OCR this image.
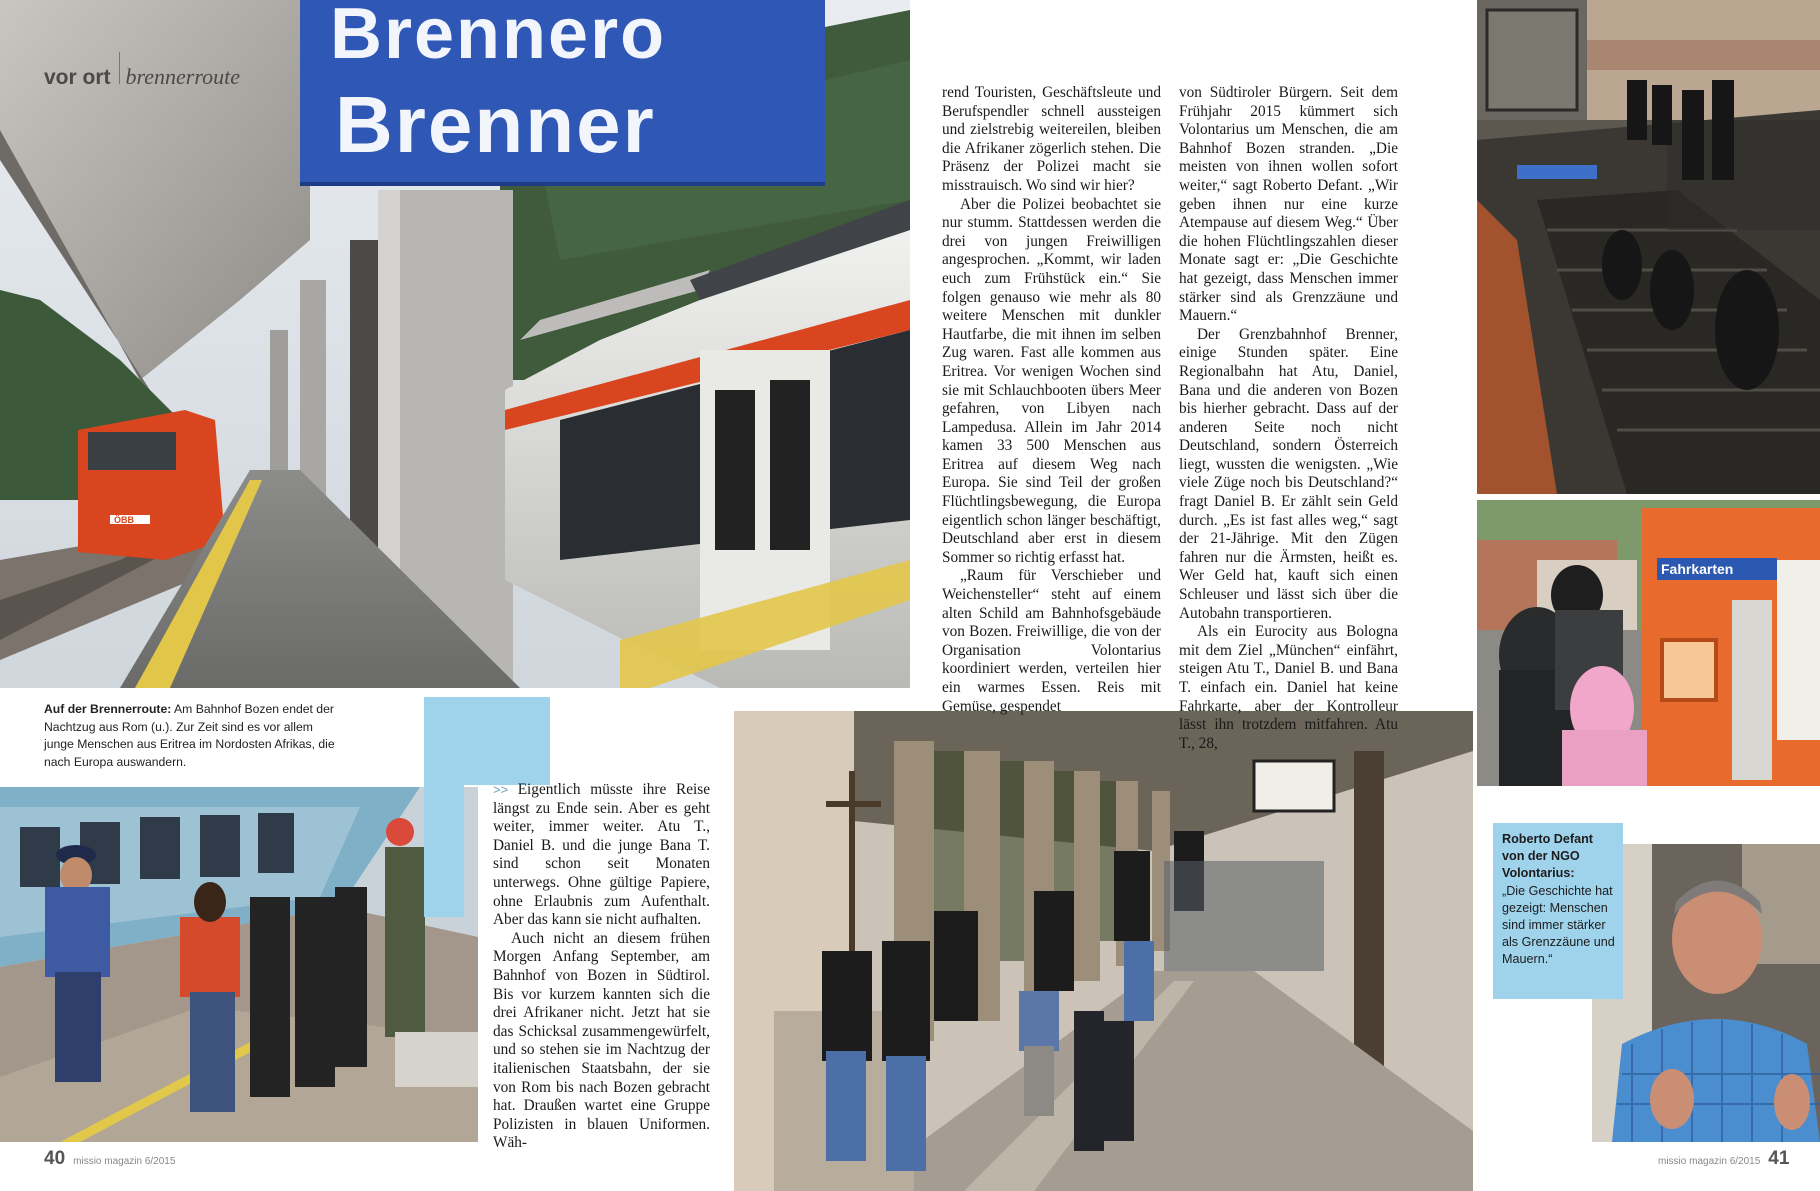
Brennero
Brenner
ÖBB
vor ort brennerroute
Fahrkarten
Auf der Brennerroute: Am Bahnhof Bozen endet der Nachtzug aus Rom (u.). Zur Zeit sind es vor allem junge Menschen aus Eritrea im Nordosten Afrikas, die nach Europa auswandern.

>> Eigentlich müsste ihre Reise längst zu Ende sein. Aber es geht weiter, immer weiter. Atu T., Daniel B. und die junge Bana T. sind schon seit Monaten unterwegs. Ohne gültige Papiere, ohne Erlaubnis zum Aufenthalt. Aber das kann sie nicht aufhalten.

Auch nicht an diesem frühen Morgen Anfang September, am Bahnhof von Bozen in Südtirol. Bis vor kurzem kannten sich die drei Afrikaner nicht. Jetzt hat sie das Schicksal zusammengewürfelt, und so stehen sie im Nachtzug der italienischen Staatsbahn, der sie von Rom bis nach Bozen gebracht hat. Draußen wartet eine Gruppe Polizisten in blauen Uniformen. Wäh-

rend Touristen, Geschäftsleute und Berufspendler schnell aussteigen und zielstrebig weitereilen, bleiben die Afrikaner zögerlich stehen. Die Präsenz der Polizei macht sie misstrauisch. Wo sind wir hier?

Aber die Polizei beobachtet sie nur stumm. Stattdessen werden die drei von jungen Freiwilligen angesprochen. „Kommt, wir laden euch zum Frühstück ein.“ Sie folgen genauso wie mehr als 80 weitere Menschen mit dunkler Hautfarbe, die mit ihnen im selben Zug waren. Fast alle kommen aus Eritrea. Vor wenigen Wochen sind sie mit Schlauchbooten übers Meer gefahren, von Libyen nach Lampedusa. Allein im Jahr 2014 kamen 33 500 Menschen aus Eritrea auf diesem Weg nach Europa. Sie sind Teil der großen Flüchtlingsbewegung, die Europa eigentlich schon länger beschäftigt, Deutschland aber erst in diesem Sommer so richtig erfasst hat.

„Raum für Verschieber und Weichensteller“ steht auf einem alten Schild am Bahnhofsgebäude von Bozen. Freiwillige, die von der Organisation Volontarius koordiniert werden, verteilen hier ein warmes Essen. Reis mit Gemüse, gespendet

von Südtiroler Bürgern. Seit dem Frühjahr 2015 kümmert sich Volontarius um Menschen, die am Bahnhof Bozen stranden. „Die meisten von ihnen wollen sofort weiter,“ sagt Roberto Defant. „Wir geben ihnen nur eine kurze Atempause auf diesem Weg.“ Über die hohen Flüchtlingszahlen dieser Monate sagt er: „Die Geschichte hat gezeigt, dass Menschen immer stärker sind als Grenzzäune und Mauern.“

Der Grenzbahnhof Brenner, einige Stunden später. Eine Regionalbahn hat Atu, Daniel, Bana und die anderen von Bozen bis hierher gebracht. Dass auf der anderen Seite noch nicht Deutschland, sondern Österreich liegt, wussten die wenigsten. „Wie viele Züge noch bis Deutschland?“ fragt Daniel B. Er zählt sein Geld durch. „Es ist fast alles weg,“ sagt der 21-Jährige. Mit den Zügen fahren nur die Ärmsten, heißt es. Wer Geld hat, kauft sich einen Schleuser und lässt sich über die Autobahn transportieren.

Als ein Eurocity aus Bologna mit dem Ziel „München“ einfährt, steigen Atu T., Daniel B. und Bana T. einfach ein. Daniel hat keine Fahrkarte, aber der Kontrolleur lässt ihn trotzdem mitfahren. Atu T., 28,

Roberto Defant von der NGO Volontarius:
„Die Geschichte hat gezeigt: Menschen sind immer stärker als Grenzzäune und Mauern.“
40 missio magazin 6/2015	missio magazin 6/2015 41
